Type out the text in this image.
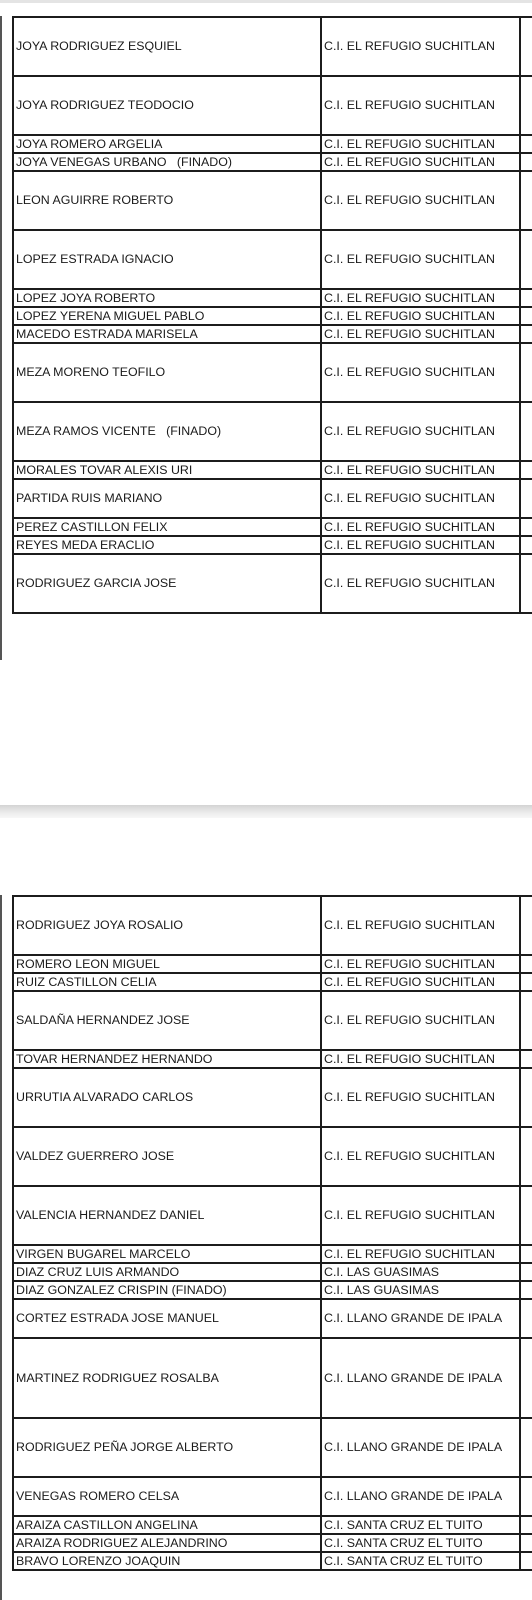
JOYA RODRIGUEZ ESQUIEL	C.I. EL REFUGIO SUCHITLAN	
JOYA RODRIGUEZ TEODOCIO	C.I. EL REFUGIO SUCHITLAN	
JOYA ROMERO ARGELIA	C.I. EL REFUGIO SUCHITLAN	
JOYA VENEGAS URBANO   (FINADO)	C.I. EL REFUGIO SUCHITLAN	
LEON AGUIRRE ROBERTO	C.I. EL REFUGIO SUCHITLAN	
LOPEZ ESTRADA IGNACIO	C.I. EL REFUGIO SUCHITLAN	
LOPEZ JOYA ROBERTO	C.I. EL REFUGIO SUCHITLAN	
LOPEZ YERENA MIGUEL PABLO	C.I. EL REFUGIO SUCHITLAN	
MACEDO ESTRADA MARISELA	C.I. EL REFUGIO SUCHITLAN	
MEZA MORENO TEOFILO	C.I. EL REFUGIO SUCHITLAN	
MEZA RAMOS VICENTE   (FINADO)	C.I. EL REFUGIO SUCHITLAN	
MORALES TOVAR ALEXIS URI	C.I. EL REFUGIO SUCHITLAN	
PARTIDA RUIS MARIANO	C.I. EL REFUGIO SUCHITLAN	
PEREZ CASTILLON FELIX	C.I. EL REFUGIO SUCHITLAN	
REYES MEDA ERACLIO	C.I. EL REFUGIO SUCHITLAN	
RODRIGUEZ GARCIA JOSE	C.I. EL REFUGIO SUCHITLAN	
RODRIGUEZ JOYA ROSALIO	C.I. EL REFUGIO SUCHITLAN	
ROMERO LEON MIGUEL	C.I. EL REFUGIO SUCHITLAN	
RUIZ CASTILLON CELIA	C.I. EL REFUGIO SUCHITLAN	
SALDAÑA HERNANDEZ JOSE	C.I. EL REFUGIO SUCHITLAN	
TOVAR HERNANDEZ HERNANDO	C.I. EL REFUGIO SUCHITLAN	
URRUTIA ALVARADO CARLOS	C.I. EL REFUGIO SUCHITLAN	
VALDEZ GUERRERO JOSE	C.I. EL REFUGIO SUCHITLAN	
VALENCIA HERNANDEZ DANIEL	C.I. EL REFUGIO SUCHITLAN	
VIRGEN BUGAREL MARCELO	C.I. EL REFUGIO SUCHITLAN	
DIAZ CRUZ LUIS ARMANDO	C.I. LAS GUASIMAS	
DIAZ GONZALEZ CRISPIN (FINADO)	C.I. LAS GUASIMAS	
CORTEZ ESTRADA JOSE MANUEL	C.I. LLANO GRANDE DE IPALA	
MARTINEZ RODRIGUEZ ROSALBA	C.I. LLANO GRANDE DE IPALA	
RODRIGUEZ PEÑA JORGE ALBERTO	C.I. LLANO GRANDE DE IPALA	
VENEGAS ROMERO CELSA	C.I. LLANO GRANDE DE IPALA	
ARAIZA CASTILLON ANGELINA	C.I. SANTA CRUZ EL TUITO	
ARAIZA RODRIGUEZ ALEJANDRINO	C.I. SANTA CRUZ EL TUITO	
BRAVO LORENZO JOAQUIN	C.I. SANTA CRUZ EL TUITO	
